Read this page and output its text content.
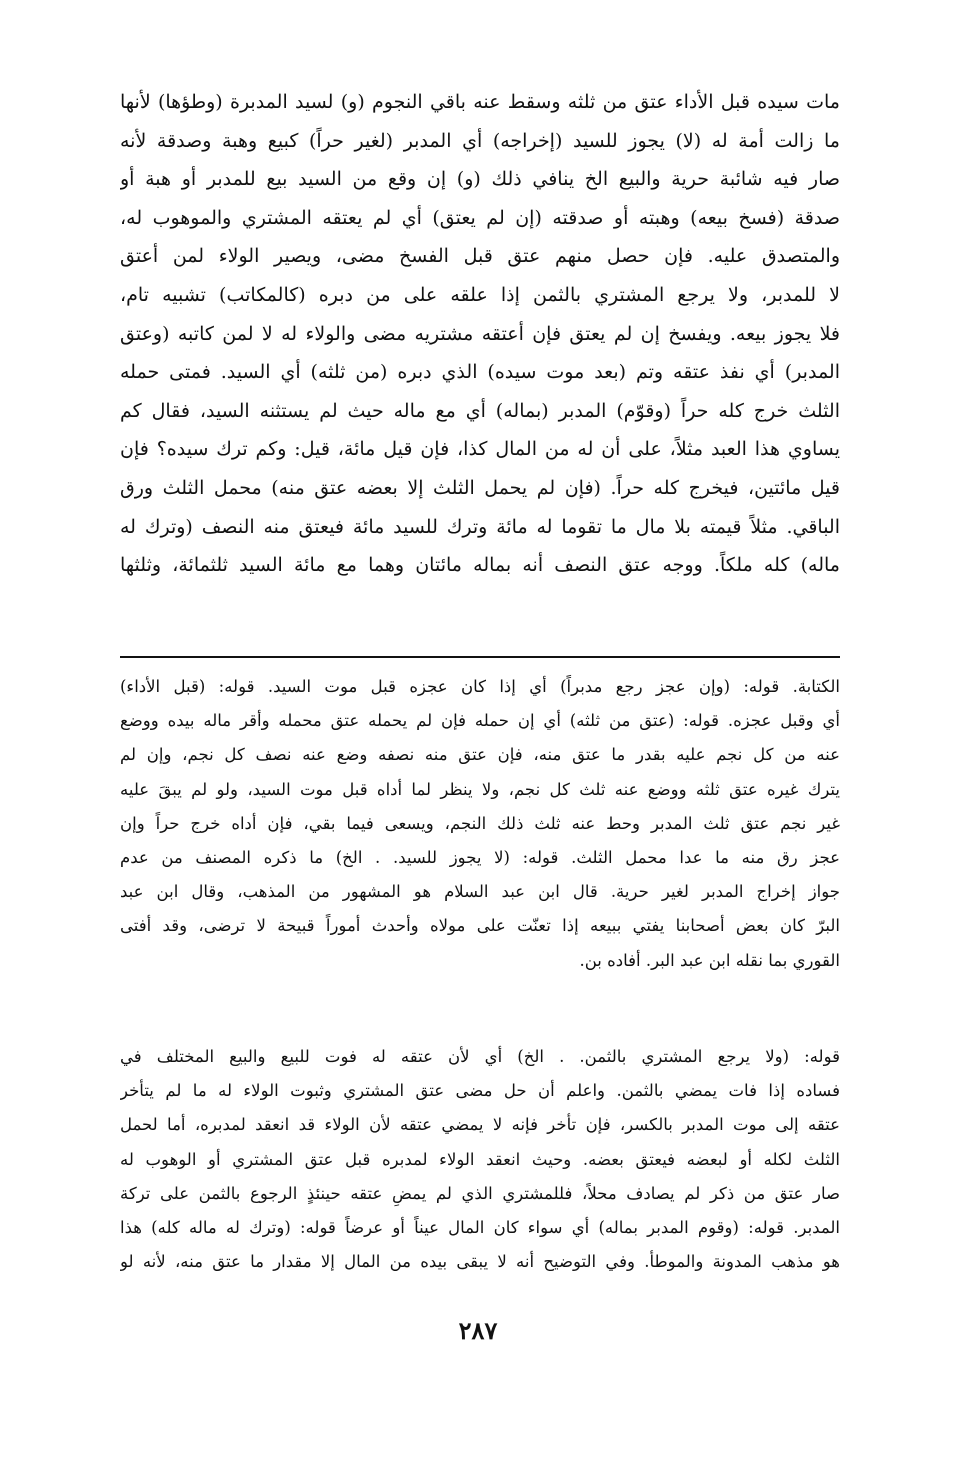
مات سيده قبل الأداء عتق من ثلثه وسقط عنه باقي النجوم (و) لسيد المدبرة (وطؤها) لأنها
ما زالت أمة له (لا) يجوز للسيد (إخراجه) أي المدبر (لغير حراً) كبيع وهبة وصدقة لأنه
صار فيه شائبة حرية والبيع الخ ينافي ذلك (و) إن وقع من السيد بيع للمدبر أو هبة أو
صدقة (فسخ بيعه) وهبته أو صدقته (إن لم يعتق) أي لم يعتقه المشتري والموهوب له،
والمتصدق عليه. فإن حصل منهم عتق قبل الفسخ مضى، ويصير الولاء لمن أعتق
لا للمدبر، ولا يرجع المشتري بالثمن إذا علقه على من دبره (كالمكاتب) تشبيه تام،
فلا يجوز بيعه. ويفسخ إن لم يعتق فإن أعتقه مشتريه مضى والولاء له لا لمن كاتبه (وعتق
المدبر) أي نفذ عتقه وتم (بعد موت سيده) الذي دبره (من ثلثه) أي السيد. فمتى حمله
الثلث خرج كله حراً (وقوّم) المدبر (بماله) أي مع ماله حيث لم يستثنه السيد، فقال كم
يساوي هذا العبد مثلاً، على أن له من المال كذا، فإن قيل مائة، قيل: وكم ترك سيده؟ فإن
قيل مائتين، فيخرج كله حراً. (فإن لم يحمل الثلث إلا بعضه عتق منه) محمل الثلث ورق
الباقي. مثلاً قيمته بلا مال ما تقوما له مائة وترك للسيد مائة فيعتق منه النصف (وترك له
ماله) كله ملكاً. ووجه عتق النصف أنه بماله مائتان وهما مع مائة السيد ثلثمائة، وثلثها
الكتابة. قوله: (وإن عجز رجع مدبراً) أي إذا كان عجزه قبل موت السيد. قوله: (قبل الأداء)
أي وقبل عجزه. قوله: (عتق من ثلثه) أي إن حمله فإن لم يحمله عتق محمله وأقر ماله بيده ووضع
عنه من كل نجم عليه بقدر ما عتق منه، فإن عتق منه نصفه وضع عنه نصف كل نجم، وإن لم
يترك غيره عتق ثلثه ووضع عنه ثلث كل نجم، ولا ينظر لما أداه قبل موت السيد، ولو لم يبقَ عليه
غير نجم عتق ثلث المدبر وحط عنه ثلث ذلك النجم، ويسعى فيما بقي، فإن أداه خرج حراً وإن
عجز رق منه ما عدا محمل الثلث. قوله: (لا يجوز للسيد. . الخ) ما ذكره المصنف من عدم
جواز إخراج المدبر لغير حرية. قال ابن عبد السلام هو المشهور من المذهب، وقال ابن عبد
البرّ كان بعض أصحابنا يفتي ببيعه إذا تعنّت على مولاه وأحدث أموراً قبيحة لا ترضى، وقد أفتى
القوري بما نقله ابن عبد البر. أفاده بن.
قوله: (ولا يرجع المشتري بالثمن. . الخ) أي لأن عتقه له فوت للبيع والبيع المختلف في
فساده إذا فات يمضي بالثمن. واعلم أن حل مضى عتق المشتري وثبوت الولاء له ما لم يتأخر
عتقه إلى موت المدبر بالكسر، فإن تأخر فإنه لا يمضي عتقه لأن الولاء قد انعقد لمدبره، أما لحمل
الثلث لكله أو لبعضه فيعتق بعضه. وحيث انعقد الولاء لمدبره قبل عتق المشتري أو الوهوب له
صار عتق من ذكر لم يصادف محلاً، فللمشتري الذي لم يمضِ عتقه حينئذٍ الرجوع بالثمن على تركة
المدبر. قوله: (وقوم المدبر بماله) أي سواء كان المال عيناً أو عرضاً قوله: (وترك له ماله كله) هذا
هو مذهب المدونة والموطأ. وفي التوضيح أنه لا يبقى بيده من المال إلا مقدار ما عتق منه، لأنه لو
٢٨٧
